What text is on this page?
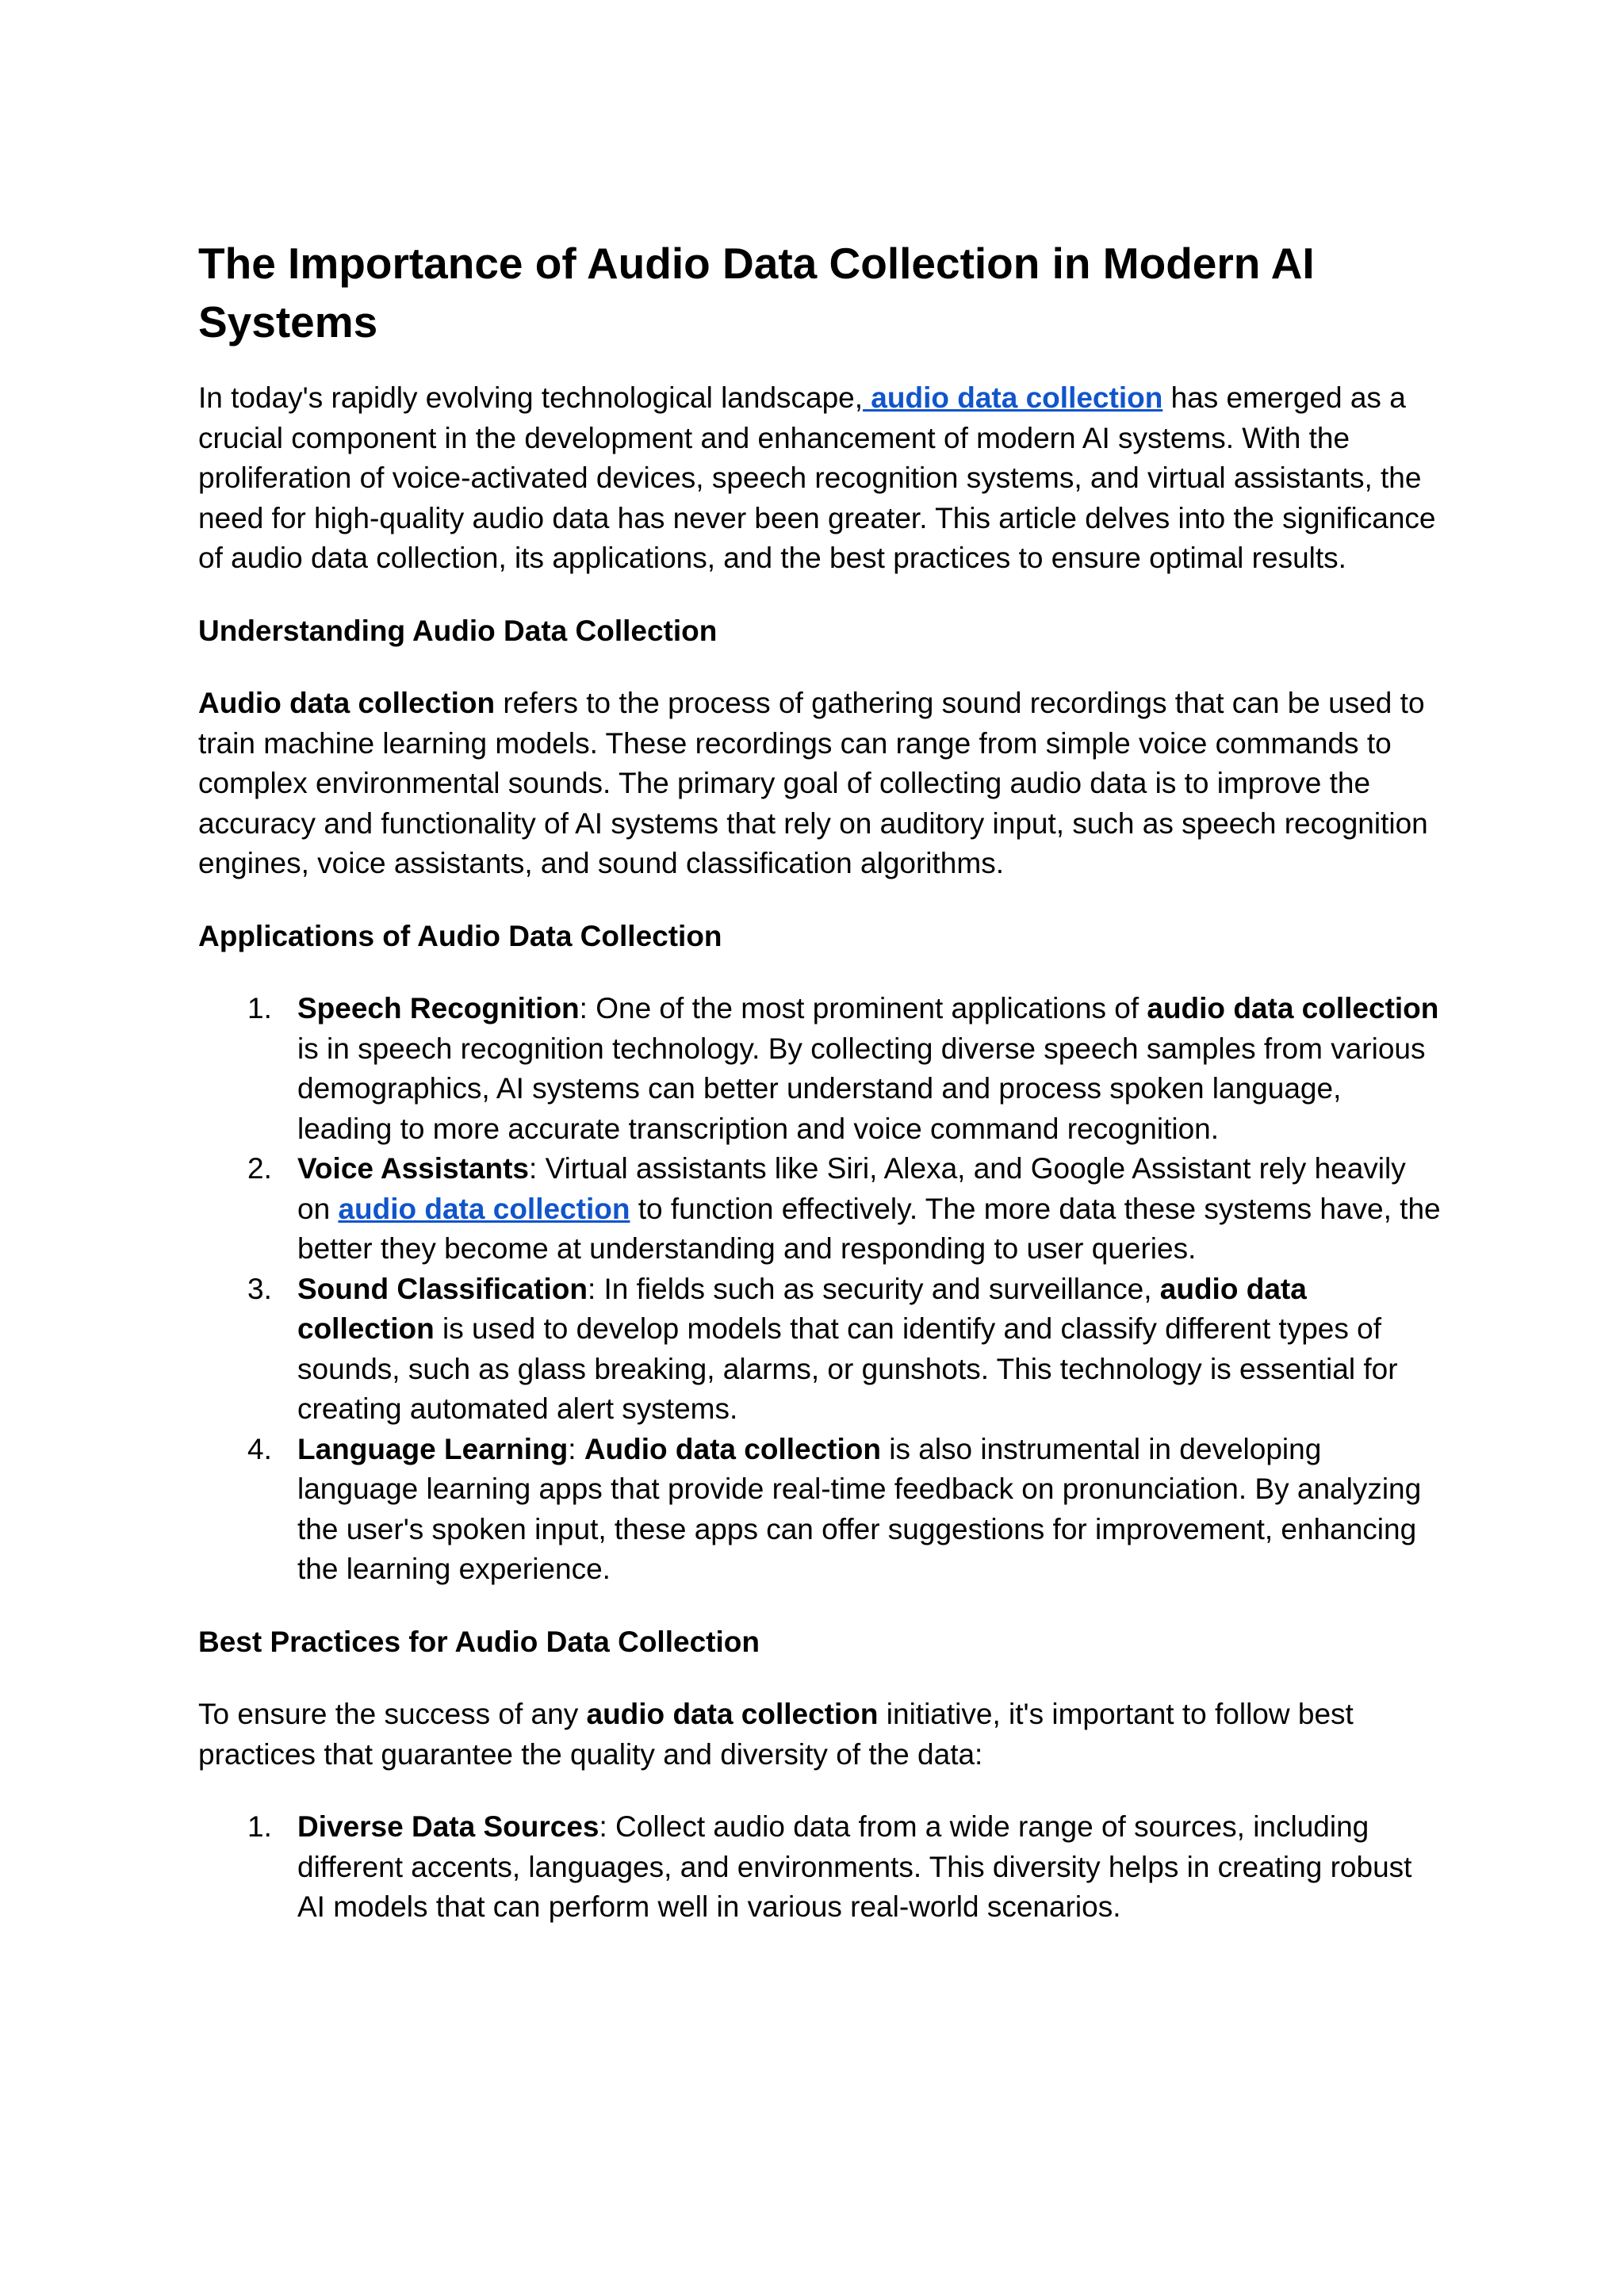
The Importance of Audio Data Collection in Modern AI Systems

In today's rapidly evolving technological landscape, audio data collection has emerged as a crucial component in the development and enhancement of modern AI systems. With the proliferation of voice-activated devices, speech recognition systems, and virtual assistants, the need for high-quality audio data has never been greater. This article delves into the significance of audio data collection, its applications, and the best practices to ensure optimal results.

Understanding Audio Data Collection

Audio data collection refers to the process of gathering sound recordings that can be used to train machine learning models. These recordings can range from simple voice commands to complex environmental sounds. The primary goal of collecting audio data is to improve the accuracy and functionality of AI systems that rely on auditory input, such as speech recognition engines, voice assistants, and sound classification algorithms.

Applications of Audio Data Collection
1. Speech Recognition: One of the most prominent applications of audio data collection is in speech recognition technology. By collecting diverse speech samples from various demographics, AI systems can better understand and process spoken language, leading to more accurate transcription and voice command recognition.
2. Voice Assistants: Virtual assistants like Siri, Alexa, and Google Assistant rely heavily on audio data collection to function effectively. The more data these systems have, the better they become at understanding and responding to user queries.
3. Sound Classification: In fields such as security and surveillance, audio data collection is used to develop models that can identify and classify different types of sounds, such as glass breaking, alarms, or gunshots. This technology is essential for creating automated alert systems.
4. Language Learning: Audio data collection is also instrumental in developing language learning apps that provide real-time feedback on pronunciation. By analyzing the user's spoken input, these apps can offer suggestions for improvement, enhancing the learning experience.
Best Practices for Audio Data Collection

To ensure the success of any audio data collection initiative, it's important to follow best practices that guarantee the quality and diversity of the data:

1. Diverse Data Sources: Collect audio data from a wide range of sources, including different accents, languages, and environments. This diversity helps in creating robust AI models that can perform well in various real-world scenarios.
